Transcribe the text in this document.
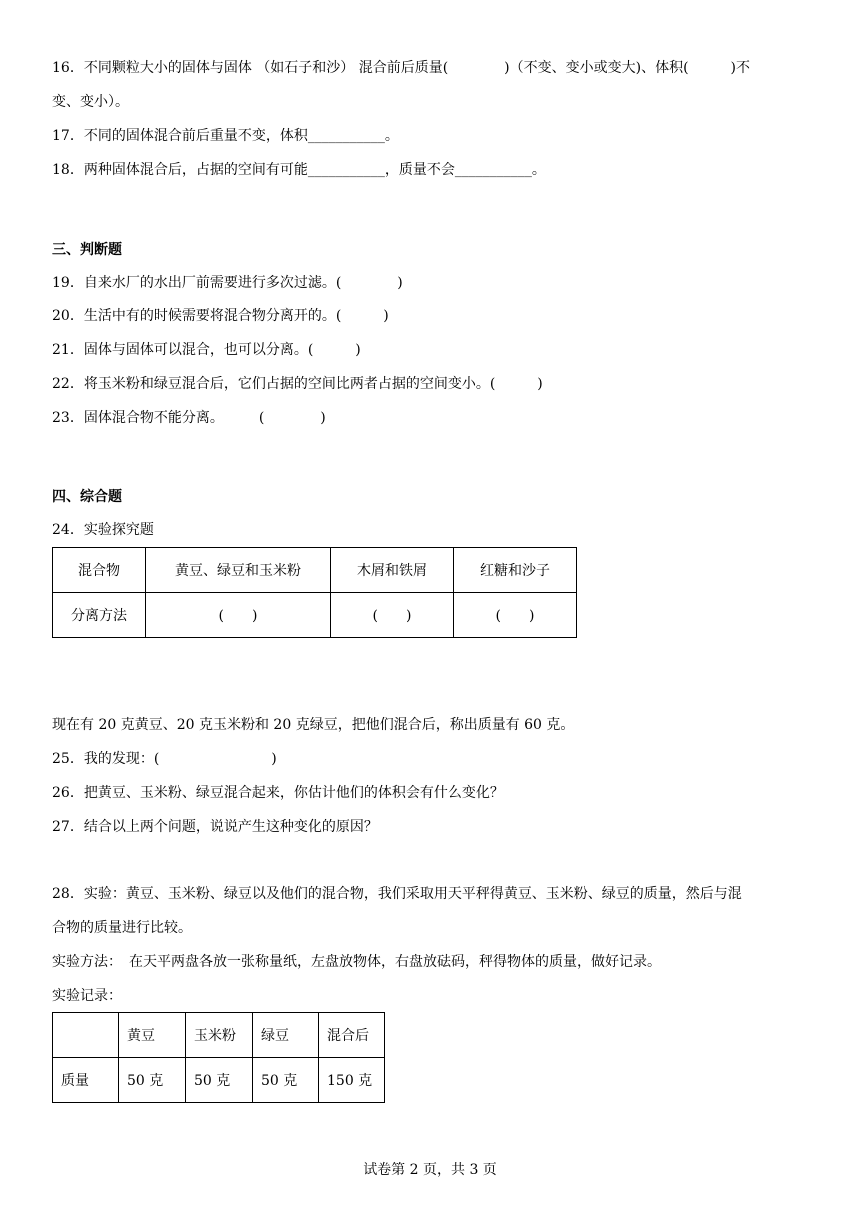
16．不同颗粒大小的固体与固体 （如石子和沙） 混合前后质量(　　　　)（不变、变小或变大)、体积(　　　)不
变、变小）。
17．不同的固体混合前后重量不变，体积___________。
18．两种固体混合后，占据的空间有可能___________，质量不会___________。
三、判断题
19．自来水厂的水出厂前需要进行多次过滤。(　　　　)
20．生活中有的时候需要将混合物分离开的。(　　　)
21．固体与固体可以混合，也可以分离。(　　　)
22．将玉米粉和绿豆混合后，它们占据的空间比两者占据的空间变小。(　　　)
23．固体混合物不能分离。　　　(　　　　)
四、综合题
24．实验探究题
混合物	黄豆、绿豆和玉米粉	木屑和铁屑	红糖和沙子
分离方法	(　　)	(　　)	(　　)
现在有 20 克黄豆、20 克玉米粉和 20 克绿豆，把他们混合后，称出质量有 60 克。
25．我的发现：(　　　　　　　　)
26．把黄豆、玉米粉、绿豆混合起来，你估计他们的体积会有什么变化？
27．结合以上两个问题，说说产生这种变化的原因？
28．实验：黄豆、玉米粉、绿豆以及他们的混合物，我们采取用天平秤得黄豆、玉米粉、绿豆的质量，然后与混
合物的质量进行比较。
实验方法：　在天平两盘各放一张称量纸，左盘放物体，右盘放砝码，秤得物体的质量，做好记录。
实验记录：
	黄豆	玉米粉	绿豆	混合后
质量	50 克	50 克	50 克	150 克
试卷第 2 页，共 3 页
